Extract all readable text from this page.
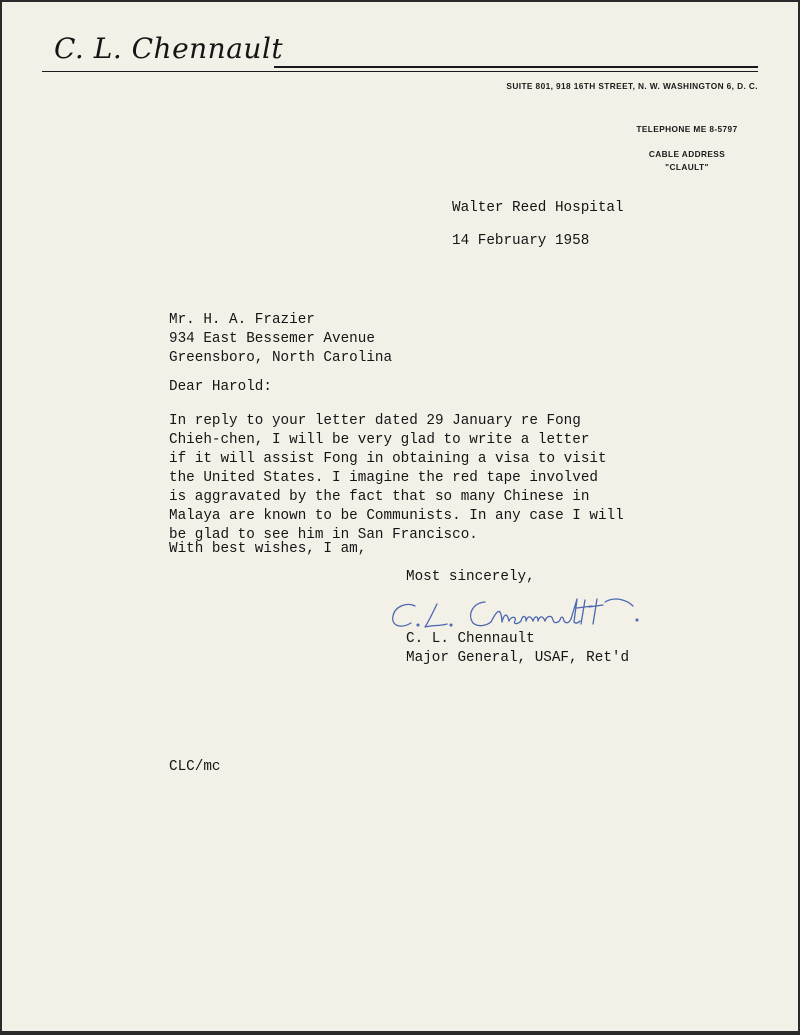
C. L. Chennault
SUITE 801, 918 16TH STREET, N. W. WASHINGTON 6, D. C.
TELEPHONE ME 8-5797
CABLE ADDRESS
"CLAULT"
Walter Reed Hospital
14 February 1958
Mr. H. A. Frazier
934 East Bessemer Avenue
Greensboro, North Carolina
Dear Harold:
In reply to your letter dated 29 January re Fong
Chieh-chen, I will be very glad to write a letter
if it will assist Fong in obtaining a visa to visit
the United States. I imagine the red tape involved
is aggravated by the fact that so many Chinese in
Malaya are known to be Communists. In any case I will
be glad to see him in San Francisco.
With best wishes, I am,
Most sincerely,
C. L. Chennault
Major General, USAF, Ret'd
CLC/mc
